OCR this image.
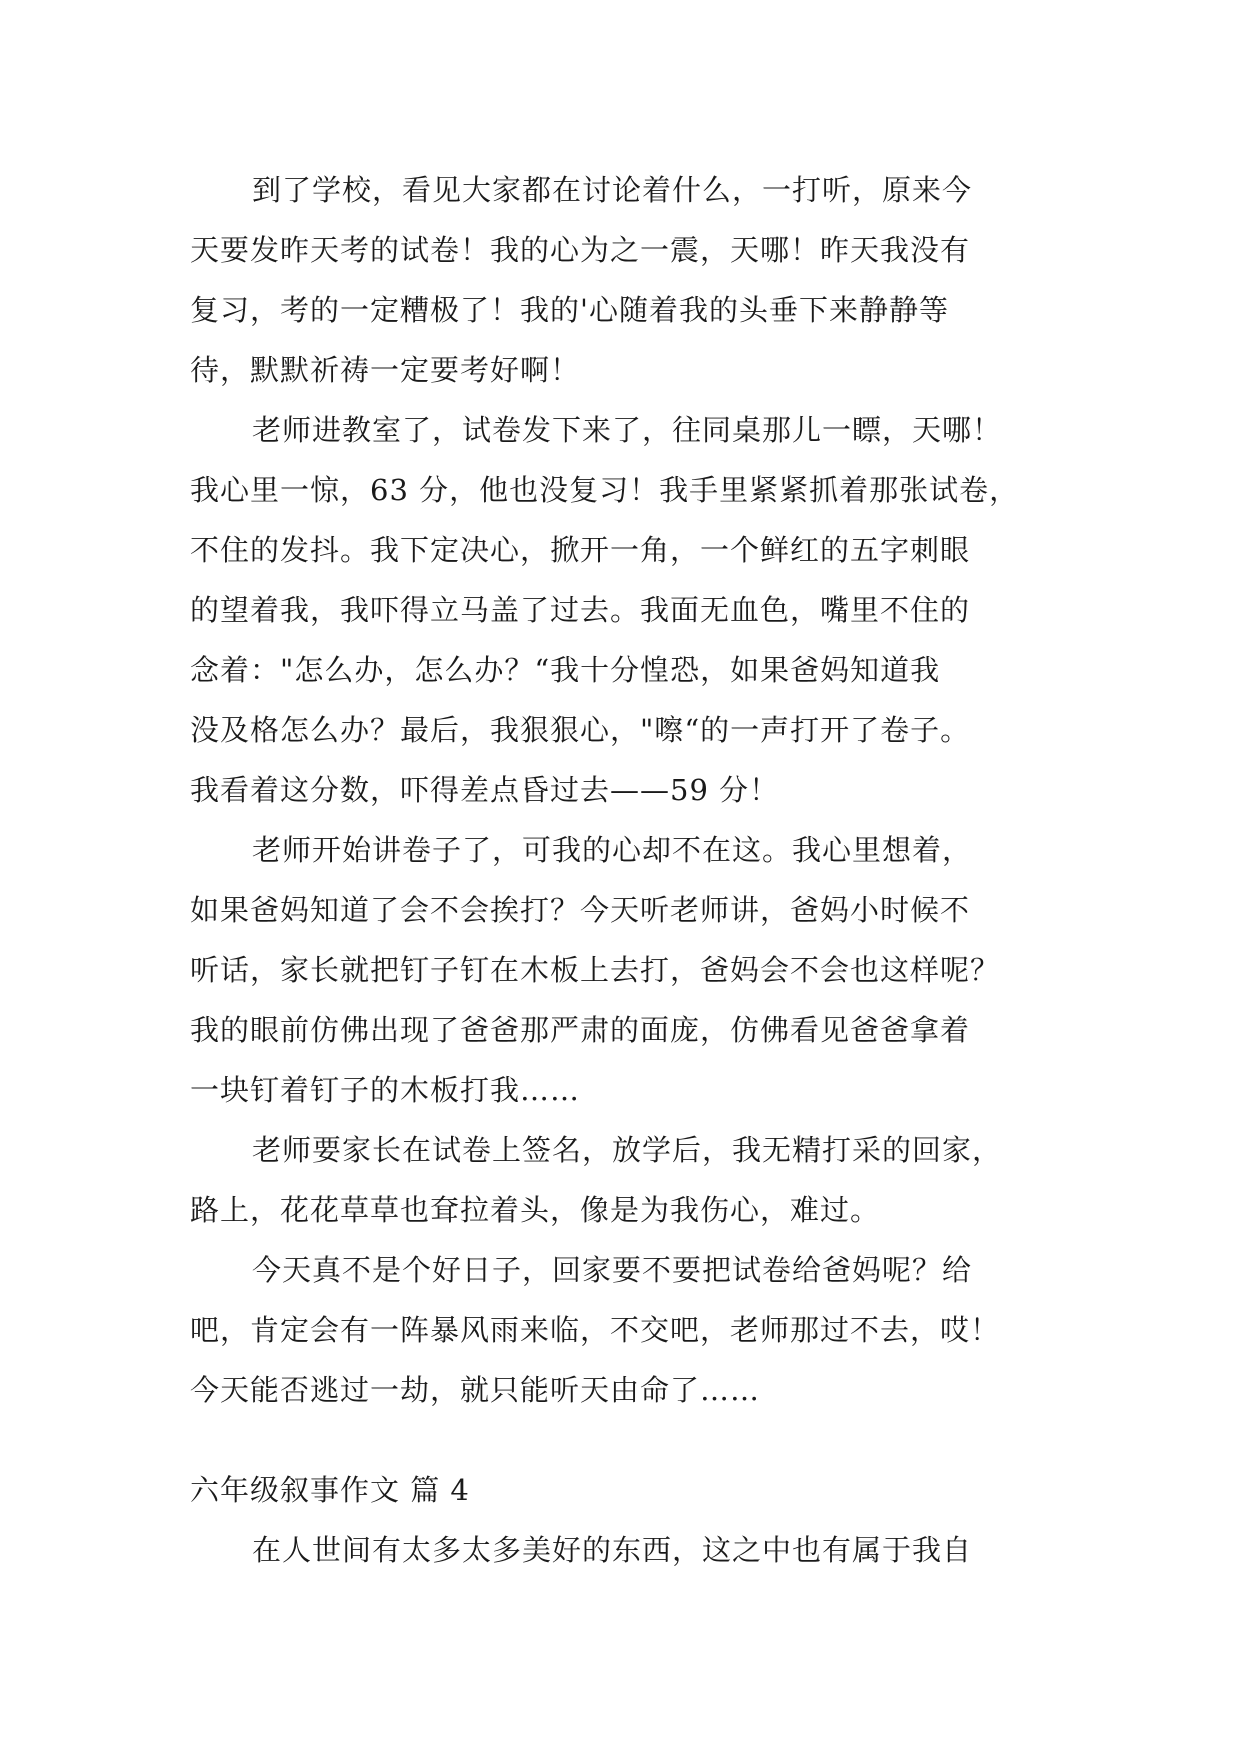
到了学校，看见大家都在讨论着什么，一打听，原来今
天要发昨天考的试卷！我的心为之一震，天哪！昨天我没有
复习，考的一定糟极了！我的'心随着我的头垂下来静静等
待，默默祈祷一定要考好啊！
老师进教室了，试卷发下来了，往同桌那儿一瞟，天哪！
我心里一惊，63 分，他也没复习！我手里紧紧抓着那张试卷，
不住的发抖。我下定决心，掀开一角，一个鲜红的五字刺眼
的望着我，我吓得立马盖了过去。我面无血色，嘴里不住的
念着："怎么办，怎么办？“我十分惶恐，如果爸妈知道我
没及格怎么办？最后，我狠狠心，"嚓“的一声打开了卷子。
我看着这分数，吓得差点昏过去——59 分！
老师开始讲卷子了，可我的心却不在这。我心里想着，
如果爸妈知道了会不会挨打？今天听老师讲，爸妈小时候不
听话，家长就把钉子钉在木板上去打，爸妈会不会也这样呢？
我的眼前仿佛出现了爸爸那严肃的面庞，仿佛看见爸爸拿着
一块钉着钉子的木板打我……
老师要家长在试卷上签名，放学后，我无精打采的回家，
路上，花花草草也耷拉着头，像是为我伤心，难过。
今天真不是个好日子，回家要不要把试卷给爸妈呢？给
吧，肯定会有一阵暴风雨来临，不交吧，老师那过不去，哎！
今天能否逃过一劫，就只能听天由命了……
六年级叙事作文 篇 4
在人世间有太多太多美好的东西，这之中也有属于我自
